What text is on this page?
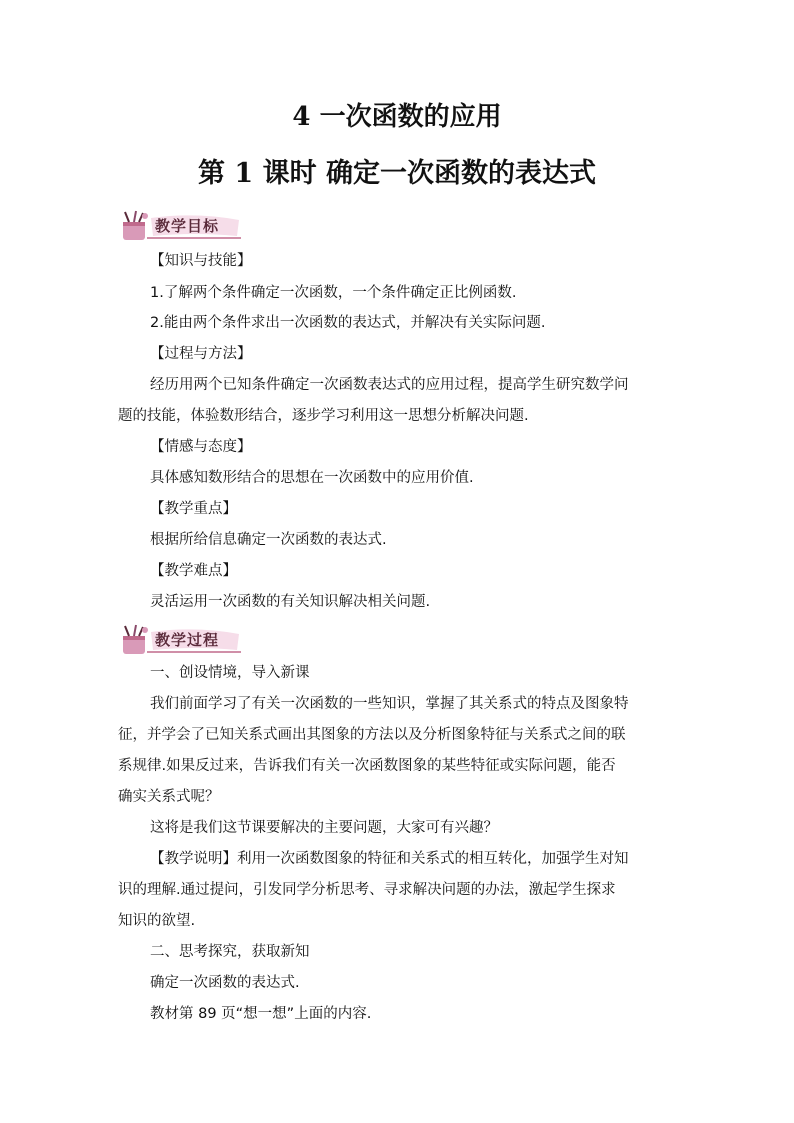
4 一次函数的应用
第 1 课时 确定一次函数的表达式
教学目标
【知识与技能】
1.了解两个条件确定一次函数，一个条件确定正比例函数.
2.能由两个条件求出一次函数的表达式，并解决有关实际问题.
【过程与方法】
经历用两个已知条件确定一次函数表达式的应用过程，提高学生研究数学问
题的技能，体验数形结合，逐步学习利用这一思想分析解决问题.
【情感与态度】
具体感知数形结合的思想在一次函数中的应用价值.
【教学重点】
根据所给信息确定一次函数的表达式.
【教学难点】
灵活运用一次函数的有关知识解决相关问题.
教学过程
一、创设情境，导入新课
我们前面学习了有关一次函数的一些知识，掌握了其关系式的特点及图象特
征，并学会了已知关系式画出其图象的方法以及分析图象特征与关系式之间的联
系规律.如果反过来，告诉我们有关一次函数图象的某些特征或实际问题，能否
确实关系式呢？
这将是我们这节课要解决的主要问题，大家可有兴趣？
【教学说明】利用一次函数图象的特征和关系式的相互转化，加强学生对知
识的理解.通过提问，引发同学分析思考、寻求解决问题的办法，激起学生探求
知识的欲望.
二、思考探究，获取新知
确定一次函数的表达式.
教材第 89 页“想一想”上面的内容.
